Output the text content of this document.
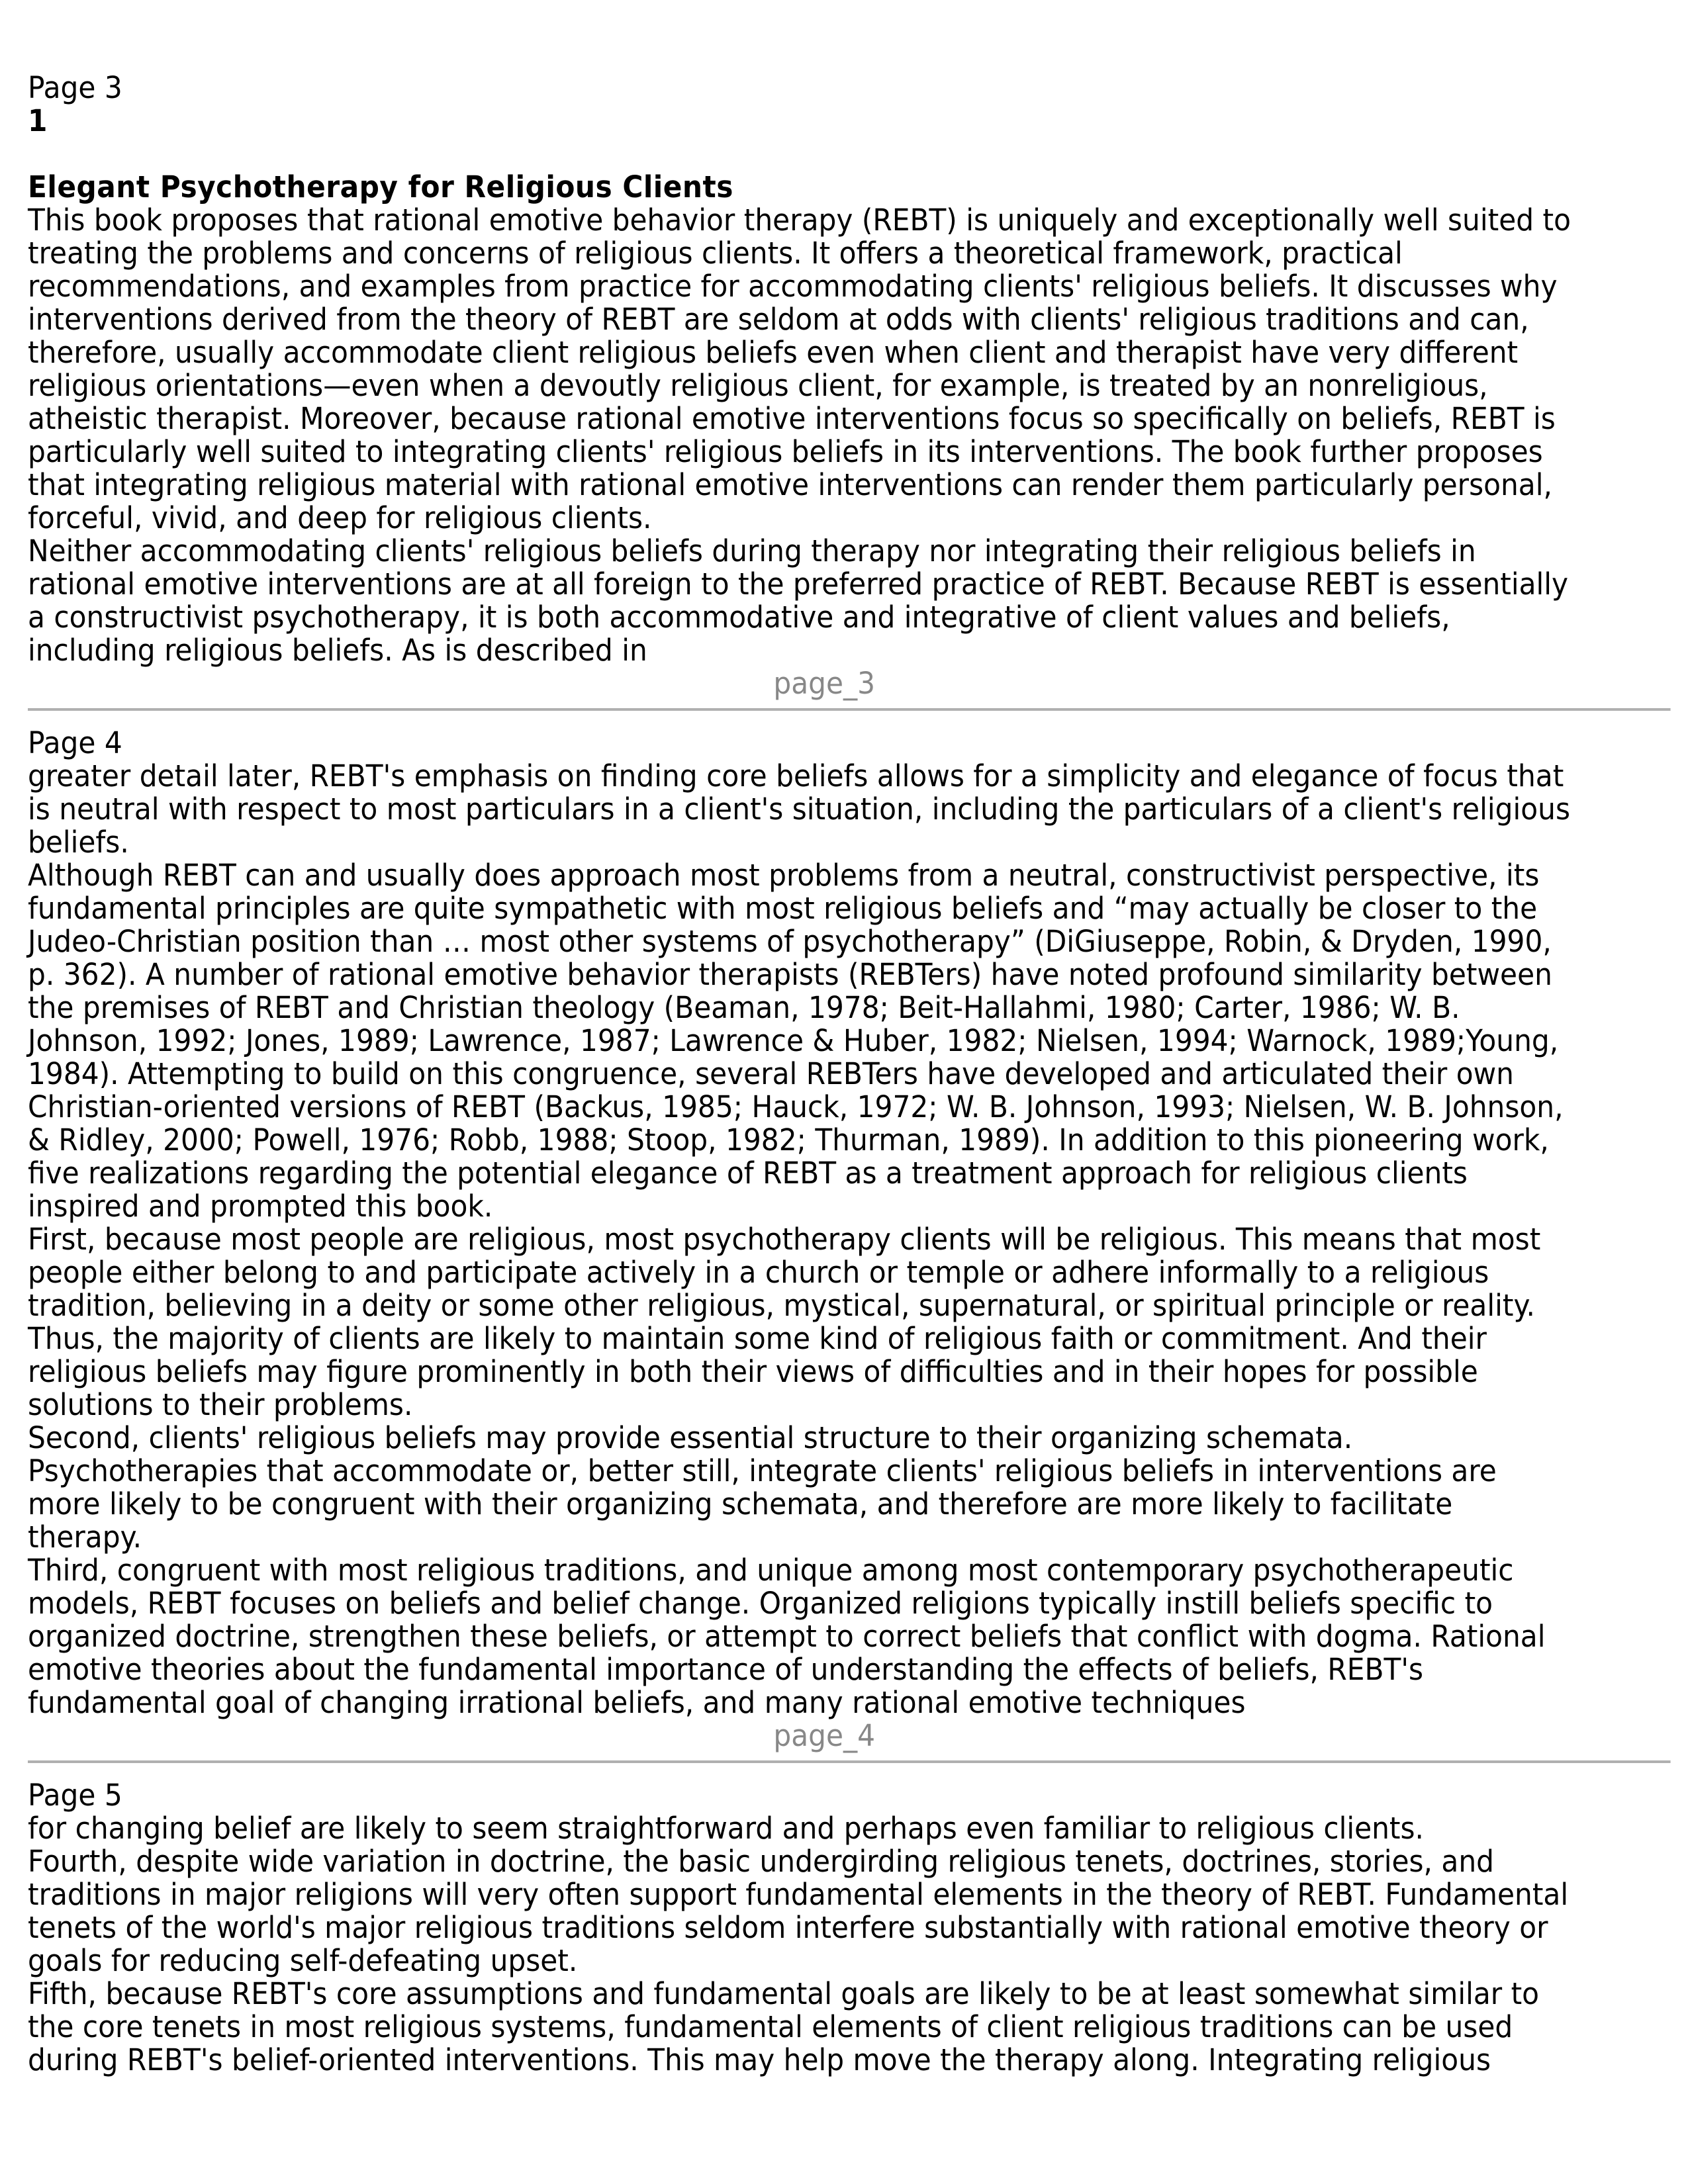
Page 3

1

Elegant Psychotherapy for Religious Clients

This book proposes that rational emotive behavior therapy (REBT) is uniquely and exceptionally well suited to treating the problems and concerns of religious clients. It offers a theoretical framework, practical recommendations, and examples from practice for accommodating clients' religious beliefs. It discusses why interventions derived from the theory of REBT are seldom at odds with clients' religious traditions and can, therefore, usually accommodate client religious beliefs even when client and therapist have very different religious orientations—even when a devoutly religious client, for example, is treated by an nonreligious, atheistic therapist. Moreover, because rational emotive interventions focus so specifically on beliefs, REBT is particularly well suited to integrating clients' religious beliefs in its interventions. The book further proposes that integrating religious material with rational emotive interventions can render them particularly personal, forceful, vivid, and deep for religious clients.

Neither accommodating clients' religious beliefs during therapy nor integrating their religious beliefs in rational emotive interventions are at all foreign to the preferred practice of REBT. Because REBT is essentially a constructivist psychotherapy, it is both accommodative and integrative of client values and beliefs, including religious beliefs. As is described in

page_3

Page 4

greater detail later, REBT's emphasis on finding core beliefs allows for a simplicity and elegance of focus that is neutral with respect to most particulars in a client's situation, including the particulars of a client's religious beliefs.

Although REBT can and usually does approach most problems from a neutral, constructivist perspective, its fundamental principles are quite sympathetic with most religious beliefs and “may actually be closer to the Judeo-Christian position than … most other systems of psychotherapy” (DiGiuseppe, Robin, & Dryden, 1990, p. 362). A number of rational emotive behavior therapists (REBTers) have noted profound similarity between the premises of REBT and Christian theology (Beaman, 1978; Beit-Hallahmi, 1980; Carter, 1986; W. B. Johnson, 1992; Jones, 1989; Lawrence, 1987; Lawrence & Huber, 1982; Nielsen, 1994; Warnock, 1989;Young, 1984). Attempting to build on this congruence, several REBTers have developed and articulated their own Christian-oriented versions of REBT (Backus, 1985; Hauck, 1972; W. B. Johnson, 1993; Nielsen, W. B. Johnson, & Ridley, 2000; Powell, 1976; Robb, 1988; Stoop, 1982; Thurman, 1989). In addition to this pioneering work, five realizations regarding the potential elegance of REBT as a treatment approach for religious clients inspired and prompted this book.

First, because most people are religious, most psychotherapy clients will be religious. This means that most people either belong to and participate actively in a church or temple or adhere informally to a religious tradition, believing in a deity or some other religious, mystical, supernatural, or spiritual principle or reality. Thus, the majority of clients are likely to maintain some kind of religious faith or commitment. And their religious beliefs may figure prominently in both their views of difficulties and in their hopes for possible solutions to their problems.

Second, clients' religious beliefs may provide essential structure to their organizing schemata. Psychotherapies that accommodate or, better still, integrate clients' religious beliefs in interventions are more likely to be congruent with their organizing schemata, and therefore are more likely to facilitate therapy.

Third, congruent with most religious traditions, and unique among most contemporary psychotherapeutic models, REBT focuses on beliefs and belief change. Organized religions typically instill beliefs specific to organized doctrine, strengthen these beliefs, or attempt to correct beliefs that conflict with dogma. Rational emotive theories about the fundamental importance of understanding the effects of beliefs, REBT's fundamental goal of changing irrational beliefs, and many rational emotive techniques

page_4

Page 5

for changing belief are likely to seem straightforward and perhaps even familiar to religious clients.

Fourth, despite wide variation in doctrine, the basic undergirding religious tenets, doctrines, stories, and traditions in major religions will very often support fundamental elements in the theory of REBT. Fundamental tenets of the world's major religious traditions seldom interfere substantially with rational emotive theory or goals for reducing self-defeating upset.

Fifth, because REBT's core assumptions and fundamental goals are likely to be at least somewhat similar to the core tenets in most religious systems, fundamental elements of client religious traditions can be used during REBT's belief-oriented interventions. This may help move the therapy along. Integrating religious
